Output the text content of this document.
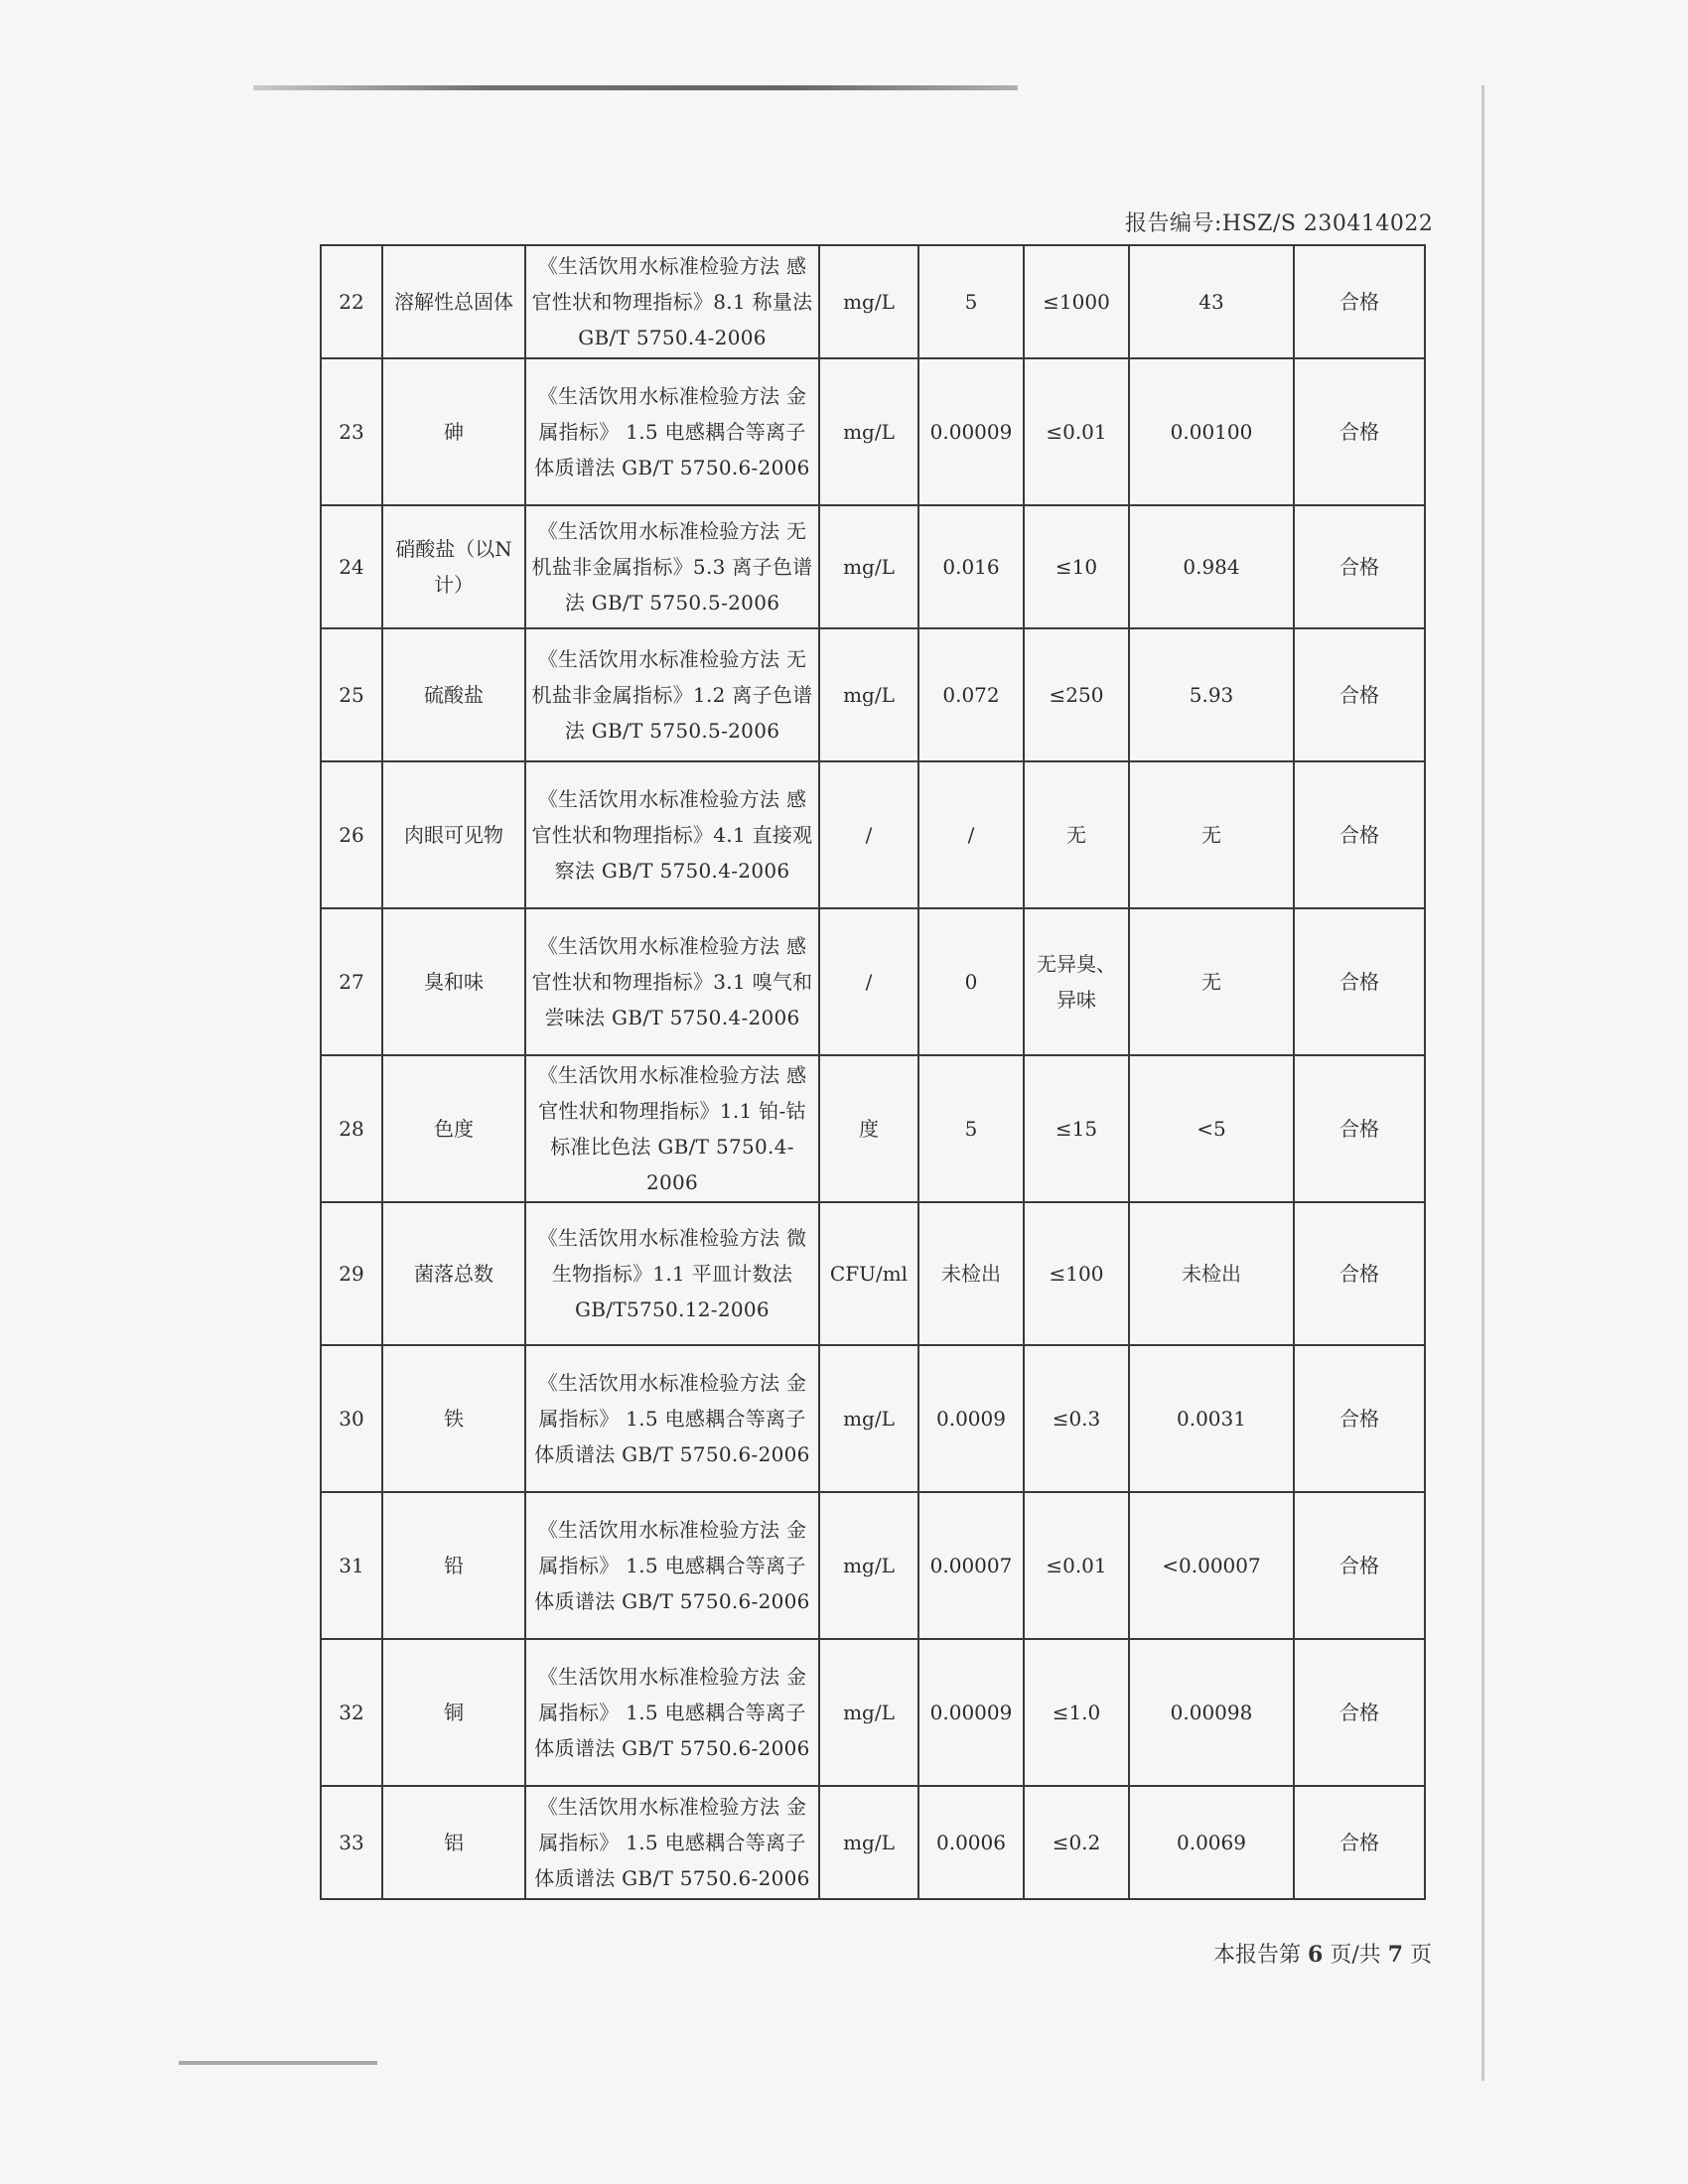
报告编号:HSZ/S 230414022
22	溶解性总固体	《生活饮用水标准检验方法 感官性状和物理指标》8.1 称量法 GB/T 5750.4-2006	mg/L	5	≤1000	43	合格
23	砷	《生活饮用水标准检验方法 金属指标》 1.5 电感耦合等离子体质谱法 GB/T 5750.6-2006	mg/L	0.00009	≤0.01	0.00100	合格
24	硝酸盐（以N计）	《生活饮用水标准检验方法 无机盐非金属指标》5.3 离子色谱法 GB/T 5750.5-2006	mg/L	0.016	≤10	0.984	合格
25	硫酸盐	《生活饮用水标准检验方法 无机盐非金属指标》1.2 离子色谱法 GB/T 5750.5-2006	mg/L	0.072	≤250	5.93	合格
26	肉眼可见物	《生活饮用水标准检验方法 感官性状和物理指标》4.1 直接观察法 GB/T 5750.4-2006	/	/	无	无	合格
27	臭和味	《生活饮用水标准检验方法 感官性状和物理指标》3.1 嗅气和尝味法 GB/T 5750.4-2006	/	0	无异臭、异味	无	合格
28	色度	《生活饮用水标准检验方法 感官性状和物理指标》1.1 铂-钴标准比色法 GB/T 5750.4-2006	度	5	≤15	<5	合格
29	菌落总数	《生活饮用水标准检验方法 微生物指标》1.1 平皿计数法 GB/T5750.12-2006	CFU/ml	未检出	≤100	未检出	合格
30	铁	《生活饮用水标准检验方法 金属指标》 1.5 电感耦合等离子体质谱法 GB/T 5750.6-2006	mg/L	0.0009	≤0.3	0.0031	合格
31	铅	《生活饮用水标准检验方法 金属指标》 1.5 电感耦合等离子体质谱法 GB/T 5750.6-2006	mg/L	0.00007	≤0.01	<0.00007	合格
32	铜	《生活饮用水标准检验方法 金属指标》 1.5 电感耦合等离子体质谱法 GB/T 5750.6-2006	mg/L	0.00009	≤1.0	0.00098	合格
33	铝	《生活饮用水标准检验方法 金属指标》 1.5 电感耦合等离子体质谱法 GB/T 5750.6-2006	mg/L	0.0006	≤0.2	0.0069	合格
本报告第 6 页/共 7 页
